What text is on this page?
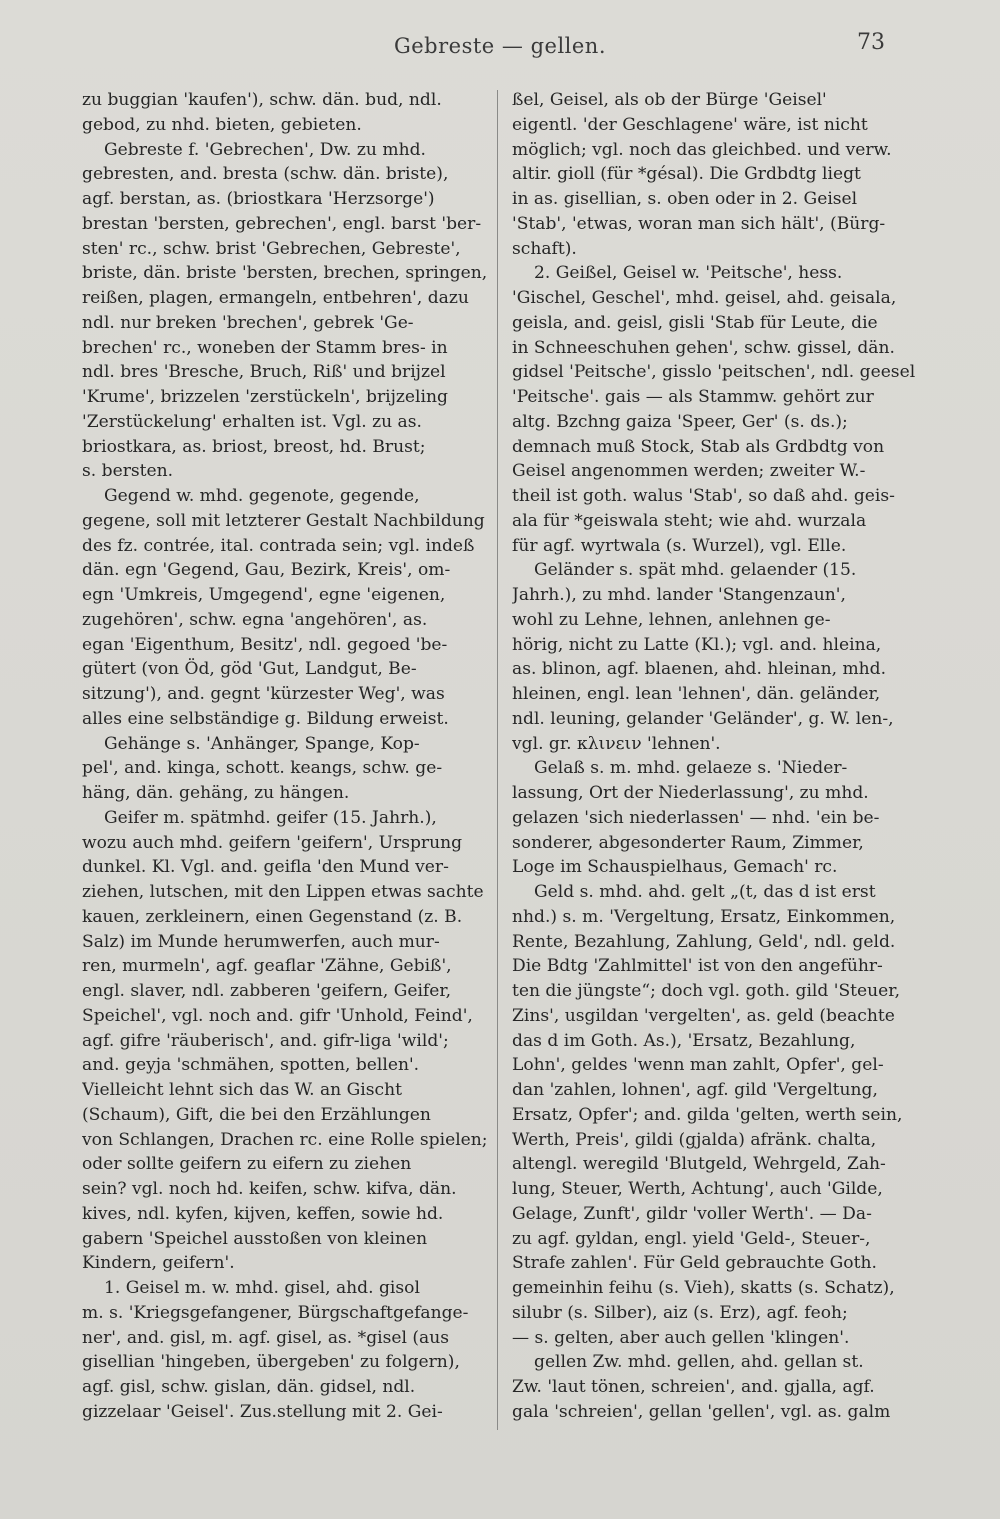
Gebreste — gellen.	73
zu buggian 'kaufen'), schw. dän. bud, ndl.
gebod, zu nhd. bieten, gebieten.
Gebreste f. 'Gebrechen', Dw. zu mhd.
gebresten, and. bresta (schw. dän. briste),
agf. berstan, as. (briostkara 'Herzsorge')
brestan 'bersten, gebrechen', engl. barst 'ber-
sten' rc., schw. brist 'Gebrechen, Gebreste',
briste, dän. briste 'bersten, brechen, springen,
reißen, plagen, ermangeln, entbehren', dazu
ndl. nur breken 'brechen', gebrek 'Ge-
brechen' rc., woneben der Stamm bres- in
ndl. bres 'Bresche, Bruch, Riß' und brijzel
'Krume', brizzelen 'zerstückeln', brijzeling
'Zerstückelung' erhalten ist. Vgl. zu as.
briostkara, as. briost, breost, hd. Brust;
s. bersten.
Gegend w. mhd. gegenote, gegende,
gegene, soll mit letzterer Gestalt Nachbildung
des fz. contrée, ital. contrada sein; vgl. indeß
dän. egn 'Gegend, Gau, Bezirk, Kreis', om-
egn 'Umkreis, Umgegend', egne 'eigenen,
zugehören', schw. egna 'angehören', as.
egan 'Eigenthum, Besitz', ndl. gegoed 'be-
gütert (von Öd, göd 'Gut, Landgut, Be-
sitzung'), and. gegnt 'kürzester Weg', was
alles eine selbständige g. Bildung erweist.
Gehänge s. 'Anhänger, Spange, Kop-
pel', and. kinga, schott. keangs, schw. ge-
häng, dän. gehäng, zu hängen.
Geifer m. spätmhd. geifer (15. Jahrh.),
wozu auch mhd. geifern 'geifern', Ursprung
dunkel. Kl. Vgl. and. geifla 'den Mund ver-
ziehen, lutschen, mit den Lippen etwas sachte
kauen, zerkleinern, einen Gegenstand (z. B.
Salz) im Munde herumwerfen, auch mur-
ren, murmeln', agf. geaflar 'Zähne, Gebiß',
engl. slaver, ndl. zabberen 'geifern, Geifer,
Speichel', vgl. noch and. gifr 'Unhold, Feind',
agf. gifre 'räuberisch', and. gifr-liga 'wild';
and. geyja 'schmähen, spotten, bellen'.
Vielleicht lehnt sich das W. an Gischt
(Schaum), Gift, die bei den Erzählungen
von Schlangen, Drachen rc. eine Rolle spielen;
oder sollte geifern zu eifern zu ziehen
sein? vgl. noch hd. keifen, schw. kifva, dän.
kives, ndl. kyfen, kijven, keffen, sowie hd.
gabern 'Speichel ausstoßen von kleinen
Kindern, geifern'.
1. Geisel m. w. mhd. gisel, ahd. gisol
m. s. 'Kriegsgefangener, Bürgschaftgefange-
ner', and. gisl, m. agf. gisel, as. *gisel (aus
gisellian 'hingeben, übergeben' zu folgern),
agf. gisl, schw. gislan, dän. gidsel, ndl.
gizzelaar 'Geisel'. Zus.stellung mit 2. Gei-
ßel, Geisel, als ob der Bürge 'Geisel'
eigentl. 'der Geschlagene' wäre, ist nicht
möglich; vgl. noch das gleichbed. und verw.
altir. gioll (für *gésal). Die Grdbdtg liegt
in as. gisellian, s. oben oder in 2. Geisel
'Stab', 'etwas, woran man sich hält', (Bürg-
schaft).
2. Geißel, Geisel w. 'Peitsche', hess.
'Gischel, Geschel', mhd. geisel, ahd. geisala,
geisla, and. geisl, gisli 'Stab für Leute, die
in Schneeschuhen gehen', schw. gissel, dän.
gidsel 'Peitsche', gisslo 'peitschen', ndl. geesel
'Peitsche'. gais — als Stammw. gehört zur
altg. Bzchng gaiza 'Speer, Ger' (s. ds.);
demnach muß Stock, Stab als Grdbdtg von
Geisel angenommen werden; zweiter W.-
theil ist goth. walus 'Stab', so daß ahd. geis-
ala für *geiswala steht; wie ahd. wurzala
für agf. wyrtwala (s. Wurzel), vgl. Elle.
Geländer s. spät mhd. gelaender (15.
Jahrh.), zu mhd. lander 'Stangenzaun',
wohl zu Lehne, lehnen, anlehnen ge-
hörig, nicht zu Latte (Kl.); vgl. and. hleina,
as. blinon, agf. blaenen, ahd. hleinan, mhd.
hleinen, engl. lean 'lehnen', dän. geländer,
ndl. leuning, gelander 'Geländer', g. W. len-,
vgl. gr. κλινειν 'lehnen'.
Gelaß s. m. mhd. gelaeze s. 'Nieder-
lassung, Ort der Niederlassung', zu mhd.
gelazen 'sich niederlassen' — nhd. 'ein be-
sonderer, abgesonderter Raum, Zimmer,
Loge im Schauspielhaus, Gemach' rc.
Geld s. mhd. ahd. gelt „(t, das d ist erst
nhd.) s. m. 'Vergeltung, Ersatz, Einkommen,
Rente, Bezahlung, Zahlung, Geld', ndl. geld.
Die Bdtg 'Zahlmittel' ist von den angeführ-
ten die jüngste“; doch vgl. goth. gild 'Steuer,
Zins', usgildan 'vergelten', as. geld (beachte
das d im Goth. As.), 'Ersatz, Bezahlung,
Lohn', geldes 'wenn man zahlt, Opfer', gel-
dan 'zahlen, lohnen', agf. gild 'Vergeltung,
Ersatz, Opfer'; and. gilda 'gelten, werth sein,
Werth, Preis', gildi (gjalda) afränk. chalta,
altengl. weregild 'Blutgeld, Wehrgeld, Zah-
lung, Steuer, Werth, Achtung', auch 'Gilde,
Gelage, Zunft', gildr 'voller Werth'. — Da-
zu agf. gyldan, engl. yield 'Geld-, Steuer-,
Strafe zahlen'. Für Geld gebrauchte Goth.
gemeinhin feihu (s. Vieh), skatts (s. Schatz),
silubr (s. Silber), aiz (s. Erz), agf. feoh;
— s. gelten, aber auch gellen 'klingen'.
gellen Zw. mhd. gellen, ahd. gellan st.
Zw. 'laut tönen, schreien', and. gjalla, agf.
gala 'schreien', gellan 'gellen', vgl. as. galm
